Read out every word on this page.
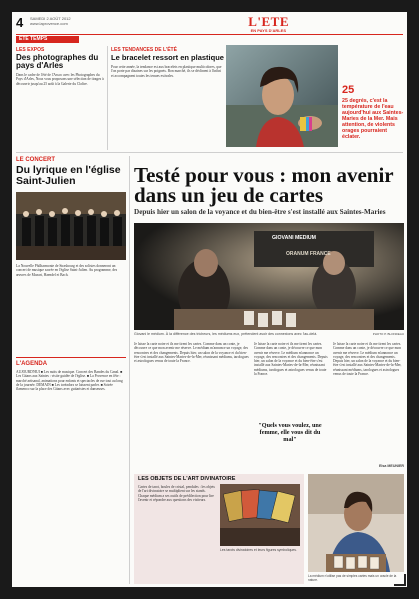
4 SAMEDI 2 AOÛT 2012
www.laprovence.com	L'ETE
EN PAYS D'ARLES
ÉTÉ TEMPS
LES EXPOS
Des photographes du pays d'Arles
Dans le cadre de l'été de l'Assoc avec les Photographes du Pays d'Arles, Nous vous proposons une sélection de tirages à découvrir jusqu'au 25 août à la Galerie du Cloître.
LES TENDANCES DE L'ÉTÉ
Le bracelet ressort en plastique
Pour cette année, la tendance est aux bracelets en plastique multicolores, que l'on porte par dizaines sur les poignets. Bon marché, ils se déclinent à l'infini et accompagnent toutes les tenues estivales.
25
25 degrés, c'est la température de l'eau aujourd'hui aux Saintes-Maries de la Mer. Mais attention, de violents orages pourraient éclater.
LE CONCERT
Du lyrique en l'église Saint-Julien
La Nouvelle Philharmonie de Strasbourg et des solistes donneront un concert de musique sacrée en l'église Saint-Julien. Au programme, des œuvres de Mozart, Haendel et Bach.
L'AGENDA
AUJOURD'HUI ■ Les nuits de musique. Concert des Bandes du Canal. ■ Les Gitans aux Saintes : visite guidée de l'église. ■ La Provence en fête : marché artisanal, animations pour enfants et spectacles de rue tout au long de la journée. DEMAIN ■ Les toréadors se laissent parler. ■ Soirée flamenco sur la place des Gitans avec guitaristes et danseuses.
Testé pour vous : mon avenir dans un jeu de cartes
Depuis hier un salon de la voyance et du bien-être s'est installé aux Saintes-Maries
GIOVANI MEDIUM
ORANUM FRANCE
Giovani le médium. À la différence des tricheurs, les médiums eux, prétendent avoir des connexions avec l'au-delà.	PHOTO P. BLONDEAU
Je laisse la carte noire et ils me tirent les cartes. Comme dans un conte, je découvre ce que mon avenir me réserve. Le médium m'annonce un voyage, des rencontres et des changements. Depuis hier, un salon de la voyance et du bien-être s'est installé aux Saintes-Maries-de-la-Mer, réunissant médiums, tarologues et astrologues venus de toute la France.
Je laisse la carte noire et ils me tirent les cartes. Comme dans un conte, je découvre ce que mon avenir me réserve. Le médium m'annonce un voyage, des rencontres et des changements. Depuis hier, un salon de la voyance et du bien-être s'est installé aux Saintes-Maries-de-la-Mer, réunissant médiums, tarologues et astrologues venus de toute la France.
"Quels vous voulez, une femme, elle vous dit du mal"
Je laisse la carte noire et ils me tirent les cartes. Comme dans un conte, je découvre ce que mon avenir me réserve. Le médium m'annonce un voyage, des rencontres et des changements. Depuis hier, un salon de la voyance et du bien-être s'est installé aux Saintes-Maries-de-la-Mer, réunissant médiums, tarologues et astrologues venus de toute la France.
Elsa MEUNIER
LES OBJETS DE L'ART DIVINATOIRE
Cartes de tarot, boules de cristal, pendules : les objets de l'art divinatoire se multiplient sur les stands. Chaque médium a ses outils de prédilection pour lire l'avenir et répondre aux questions des visiteurs.
Les tarots divinatoires et leurs figures symboliques.
La médium n'utilise pas de simples cartes mais un oracle de la nature.
